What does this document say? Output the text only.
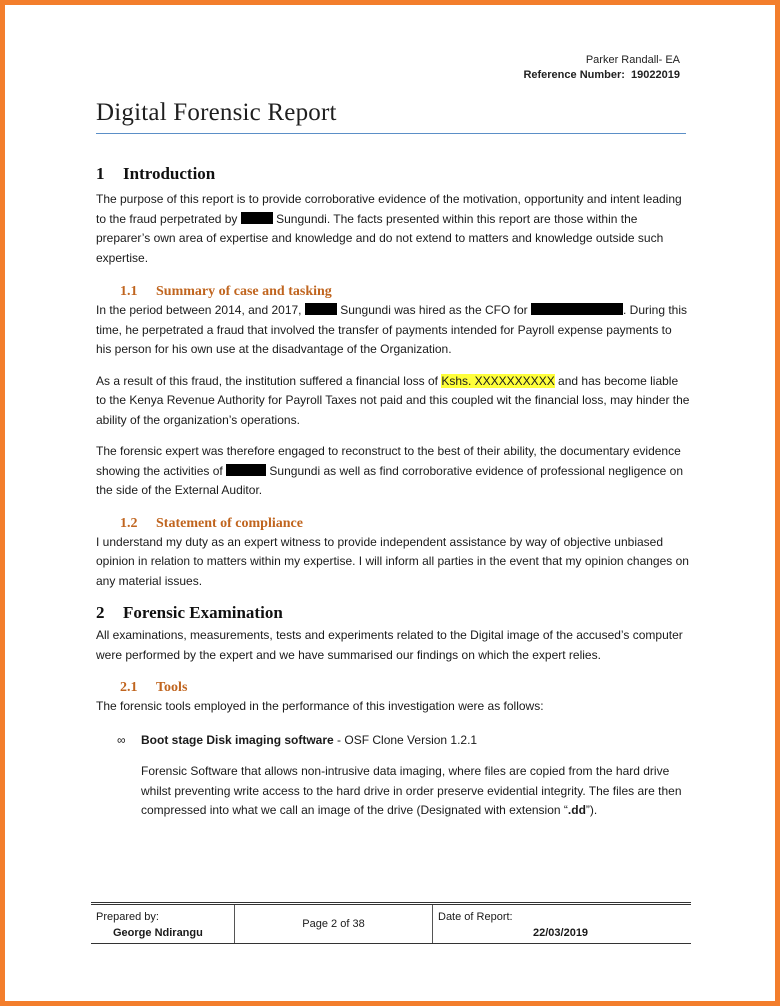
Parker Randall- EA
Reference Number: 19022019
Digital Forensic Report
1 Introduction

The purpose of this report is to provide corroborative evidence of the motivation, opportunity and intent leading to the fraud perpetrated by	Sungundi. The facts presented within this report are those within the preparer’s own area of expertise and knowledge and do not extend to matters and knowledge outside such expertise.

1.1 Summary of case and tasking

In the period between 2014, and 2017,	Sungundi was hired as the CFO for	. During this time, he perpetrated a fraud that involved the transfer of payments intended for Payroll expense payments to his person for his own use at the disadvantage of the Organization.

As a result of this fraud, the institution suffered a financial loss of Kshs. XXXXXXXXXX and has become liable to the Kenya Revenue Authority for Payroll Taxes not paid and this coupled wit the financial loss, may hinder the ability of the organization’s operations.

The forensic expert was therefore engaged to reconstruct to the best of their ability, the documentary evidence showing the activities of	Sungundi as well as find corroborative evidence of professional negligence on the side of the External Auditor.

1.2 Statement of compliance

I understand my duty as an expert witness to provide independent assistance by way of objective unbiased opinion in relation to matters within my expertise. I will inform all parties in the event that my opinion changes on any material issues.

2 Forensic Examination

All examinations, measurements, tests and experiments related to the Digital image of the accused’s computer were performed by the expert and we have summarised our findings on which the expert relies.

2.1 Tools

The forensic tools employed in the performance of this investigation were as follows:

∞ Boot stage Disk imaging software - OSF Clone Version 1.2.1

Forensic Software that allows non-intrusive data imaging, where files are copied from the hard drive whilst preventing write access to the hard drive in order preserve evidential integrity. The files are then compressed into what we call an image of the drive (Designated with extension “.dd”).

Prepared by:
George Ndirangu
Page 2 of 38
Date of Report:
22/03/2019
